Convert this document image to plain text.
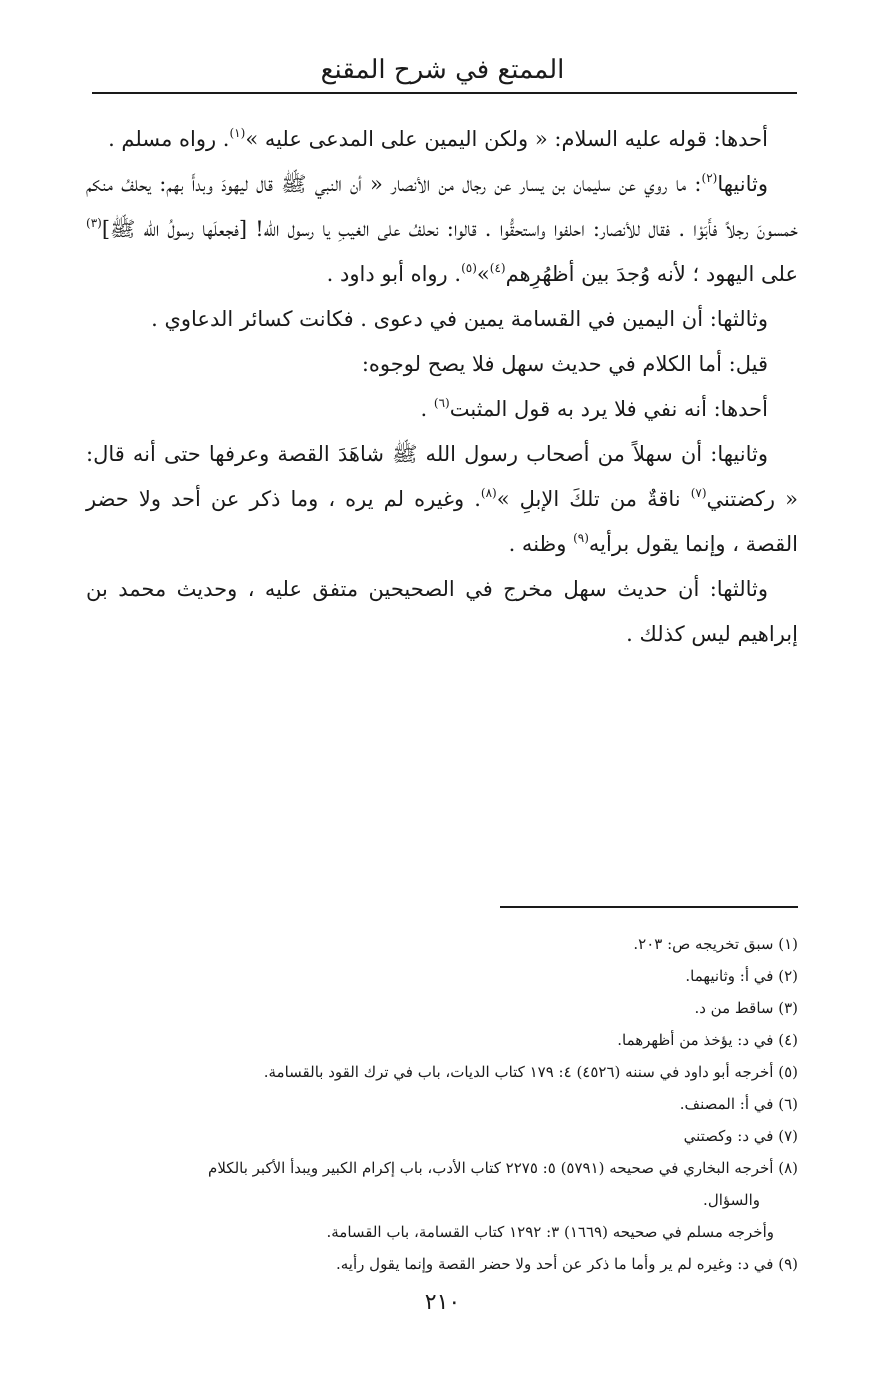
الممتع في شرح المقنع

أحدها: قوله عليه السلام: « ولكن اليمين على المدعى عليه »$^{(١)}$. رواه مسلم .

وثانيها$^{(٢)}$: ما روي عن سليمان بن يسار عن رجال من الأنصار « أن النبي ﷺ قال ليهودَ وبدأَ بهم: يحلفُ منكم خمسونَ رجلاً فأَبَوْا . فقال للأنصار: احلفوا واستحقُّوا . قالوا: نحلفُ على الغيبِ يا رسول الله! [فجعلَها رسولُ الله ﷺ]$^{(٣)}$ على اليهود ؛ لأنه وُجدَ بين أظهُرِهم$^{(٤)}$»$^{(٥)}$. رواه أبو داود .

وثالثها: أن اليمين في القسامة يمين في دعوى . فكانت كسائر الدعاوي .

قيل: أما الكلام في حديث سهل فلا يصح لوجوه:

أحدها: أنه نفي فلا يرد به قول المثبت$^{(٦)}$ .

وثانيها: أن سهلاً من أصحاب رسول الله ﷺ شاهَدَ القصة وعرفها حتى أنه قال: « ركضتني$^{(٧)}$ ناقةٌ من تلكَ الإبلِ »$^{(٨)}$. وغيره لم يره ، وما ذكر عن أحد ولا حضر القصة ، وإنما يقول برأيه$^{(٩)}$ وظنه .

وثالثها: أن حديث سهل مخرج في الصحيحين متفق عليه ، وحديث محمد بن إبراهيم ليس كذلك .

(١) سبق تخريجه ص: ٢٠٣.

(٢) في أ: وثانيهما.

(٣) ساقط من د.

(٤) في د: يؤخذ من أظهرهما.

(٥) أخرجه أبو داود في سننه (٤٥٢٦) ٤: ١٧٩ كتاب الديات، باب في ترك القود بالقسامة.

(٦) في أ: المصنف.

(٧) في د: وكصتني

(٨) أخرجه البخاري في صحيحه (٥٧٩١) ٥: ٢٢٧٥ كتاب الأدب، باب إكرام الكبير ويبدأ الأكبر بالكلام والسؤال.

وأخرجه مسلم في صحيحه (١٦٦٩) ٣: ١٢٩٢ كتاب القسامة، باب القسامة.

(٩) في د: وغيره لم ير وأما ما ذكر عن أحد ولا حضر القصة وإنما يقول رأيه.

٢١٠
